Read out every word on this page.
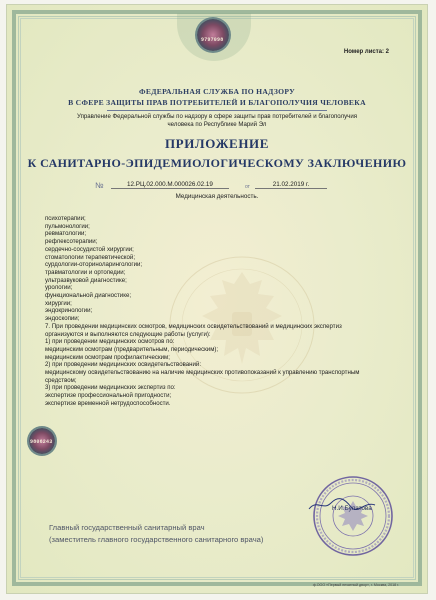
9797098
Номер листа: 2
ФЕДЕРАЛЬНАЯ СЛУЖБА ПО НАДЗОРУ
В СФЕРЕ ЗАЩИТЫ ПРАВ ПОТРЕБИТЕЛЕЙ И БЛАГОПОЛУЧИЯ ЧЕЛОВЕКА
Управление Федеральной службы по надзору в сфере защиты прав потребителей и благополучия
человека по Республике Марий Эл
ПРИЛОЖЕНИЕ
К САНИТАРНО-ЭПИДЕМИОЛОГИЧЕСКОМУ ЗАКЛЮЧЕНИЮ
№	12.РЦ.02.000.М.000026.02.19	от	21.02.2019 г.
Медицинская деятельность.
психотерапии;
пульмонологии;
ревматологии;
рефлексотерапии;
сердечно-сосудистой хирургии;
стоматологии терапевтической;
сурдологии-оториноларингологии;
травматологии и ортопедии;
ультразвуковой диагностике;
урологии;
функциональной диагностике;
хирургии;
эндокринологии;
эндоскопии;
7. При проведении медицинских осмотров, медицинских освидетельствований и медицинских экспертиз
организуются и выполняются следующие работы (услуги):
1) при проведении медицинских осмотров по:
медицинским осмотрам (предварительным, периодическим);
медицинским осмотрам профилактическим;
2) при проведении медицинских освидетельствований:
медицинскому освидетельствованию на наличие медицинских противопоказаний к управлению транспортным
средством;
3) при проведении медицинских экспертиз по:
экспертизе профессиональной пригодности;
экспертизе временной нетрудоспособности.
9806243
Н.И.Булатова
Главный государственный санитарный врач
(заместитель главного государственного санитарного врача)
ф.ООО «Первый печатный двор», г. Москва, 2018 г.
